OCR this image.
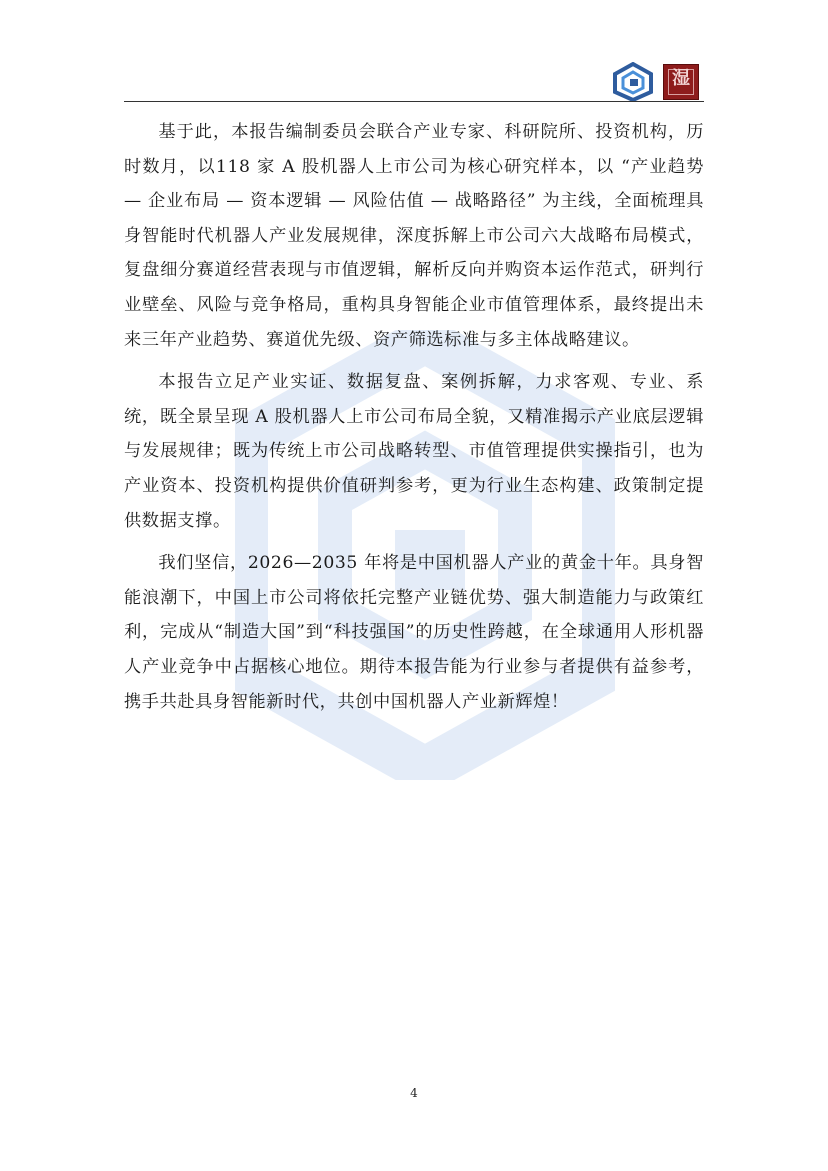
湿

基于此，本报告编制委员会联合产业专家、科研院所、投资机构，历时数月，以118 家 A 股机器人上市公司为核心研究样本，以 “产业趋势 — 企业布局 — 资本逻辑 — 风险估值 — 战略路径” 为主线，全面梳理具身智能时代机器人产业发展规律，深度拆解上市公司六大战略布局模式，复盘细分赛道经营表现与市值逻辑，解析反向并购资本运作范式，研判行业壁垒、风险与竞争格局，重构具身智能企业市值管理体系，最终提出未来三年产业趋势、赛道优先级、资产筛选标准与多主体战略建议。

本报告立足产业实证、数据复盘、案例拆解，力求客观、专业、系统，既全景呈现 A 股机器人上市公司布局全貌，又精准揭示产业底层逻辑与发展规律；既为传统上市公司战略转型、市值管理提供实操指引，也为产业资本、投资机构提供价值研判参考，更为行业生态构建、政策制定提供数据支撑。

我们坚信，2026—2035 年将是中国机器人产业的黄金十年。具身智能浪潮下，中国上市公司将依托完整产业链优势、强大制造能力与政策红利，完成从“制造大国”到“科技强国”的历史性跨越，在全球通用人形机器人产业竞争中占据核心地位。期待本报告能为行业参与者提供有益参考，携手共赴具身智能新时代，共创中国机器人产业新辉煌！

4
